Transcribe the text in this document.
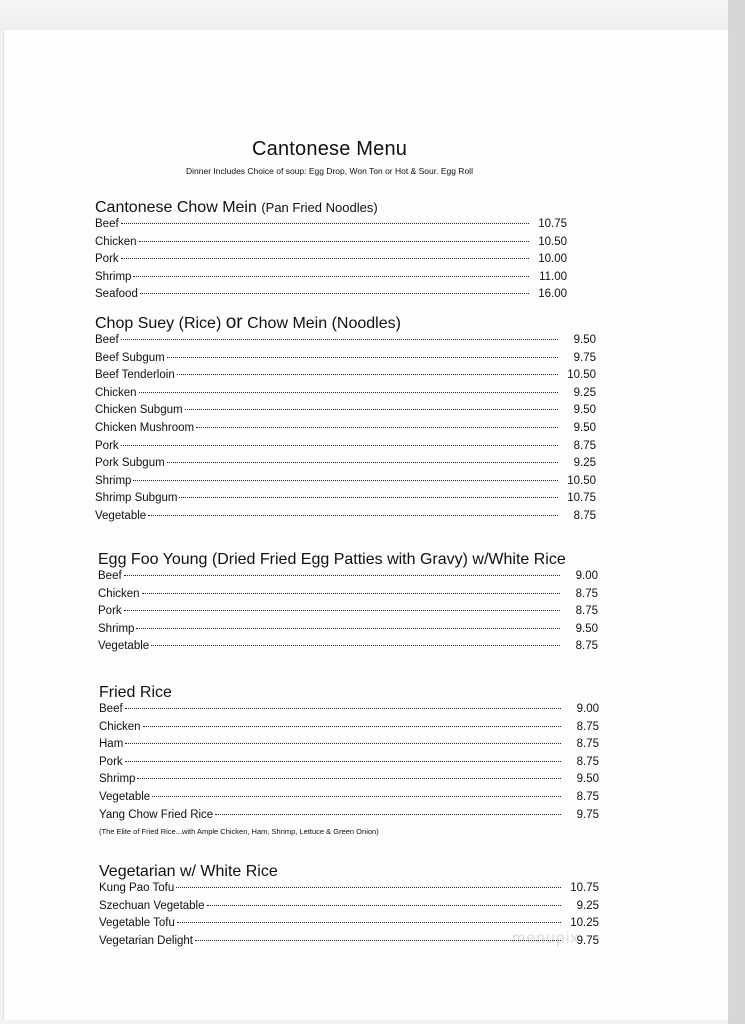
Cantonese Menu
Dinner Includes Choice of soup: Egg Drop, Won Ton or Hot & Sour. Egg Roll
Cantonese Chow Mein (Pan Fried Noodles)
Beef	10.75
Chicken	10.50
Pork	10.00
Shrimp	11.00
Seafood	16.00
Chop Suey (Rice) or Chow Mein (Noodles)
Beef	9.50
Beef Subgum	9.75
Beef Tenderloin	10.50
Chicken	9.25
Chicken Subgum	9.50
Chicken Mushroom	9.50
Pork	8.75
Pork Subgum	9.25
Shrimp	10.50
Shrimp Subgum	10.75
Vegetable	8.75
Egg Foo Young (Dried Fried Egg Patties with Gravy) w/White Rice
Beef	9.00
Chicken	8.75
Pork	8.75
Shrimp	9.50
Vegetable	8.75
Fried Rice
Beef	9.00
Chicken	8.75
Ham	8.75
Pork	8.75
Shrimp	9.50
Vegetable	8.75
Yang Chow Fried Rice	9.75
(The Elite of Fried Rice...with Ample Chicken, Ham, Shrimp, Lettuce & Green Onion)
Vegetarian w/ White Rice
Kung Pao Tofu	10.75
Szechuan Vegetable	9.25
Vegetable Tofu	10.25
Vegetarian Delight	9.75
menupix
